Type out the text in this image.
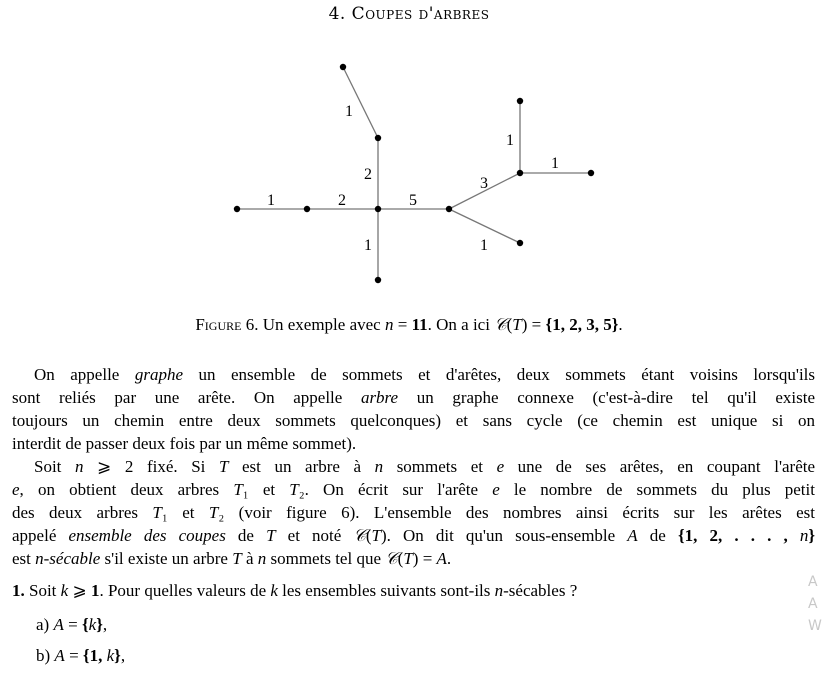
4. Coupes d'arbres
1	2	5
2
1
1
3
1
1
1
Figure 6. Un exemple avec n = 11. On a ici 𝒞(T) = {1, 2, 3, 5}.
On appelle graphe un ensemble de sommets et d'arêtes, deux sommets étant voisins lorsqu'ils
sont reliés par une arête. On appelle arbre un graphe connexe (c'est-à-dire tel qu'il existe
toujours un chemin entre deux sommets quelconques) et sans cycle (ce chemin est unique si on
interdit de passer deux fois par un même sommet).
Soit n ⩾ 2 fixé. Si T est un arbre à n sommets et e une de ses arêtes, en coupant l'arête
e, on obtient deux arbres T₁ et T₂. On écrit sur l'arête e le nombre de sommets du plus petit
des deux arbres T₁ et T₂ (voir figure 6). L'ensemble des nombres ainsi écrits sur les arêtes est
appelé ensemble des coupes de T et noté 𝒞(T). On dit qu'un sous-ensemble A de {1, 2, . . . , n}
est n-sécable s'il existe un arbre T à n sommets tel que 𝒞(T) = A.
1. Soit k ⩾ 1. Pour quelles valeurs de k les ensembles suivants sont-ils n-sécables ?
a) A = {k},
b) A = {1, k},
A
A
W
